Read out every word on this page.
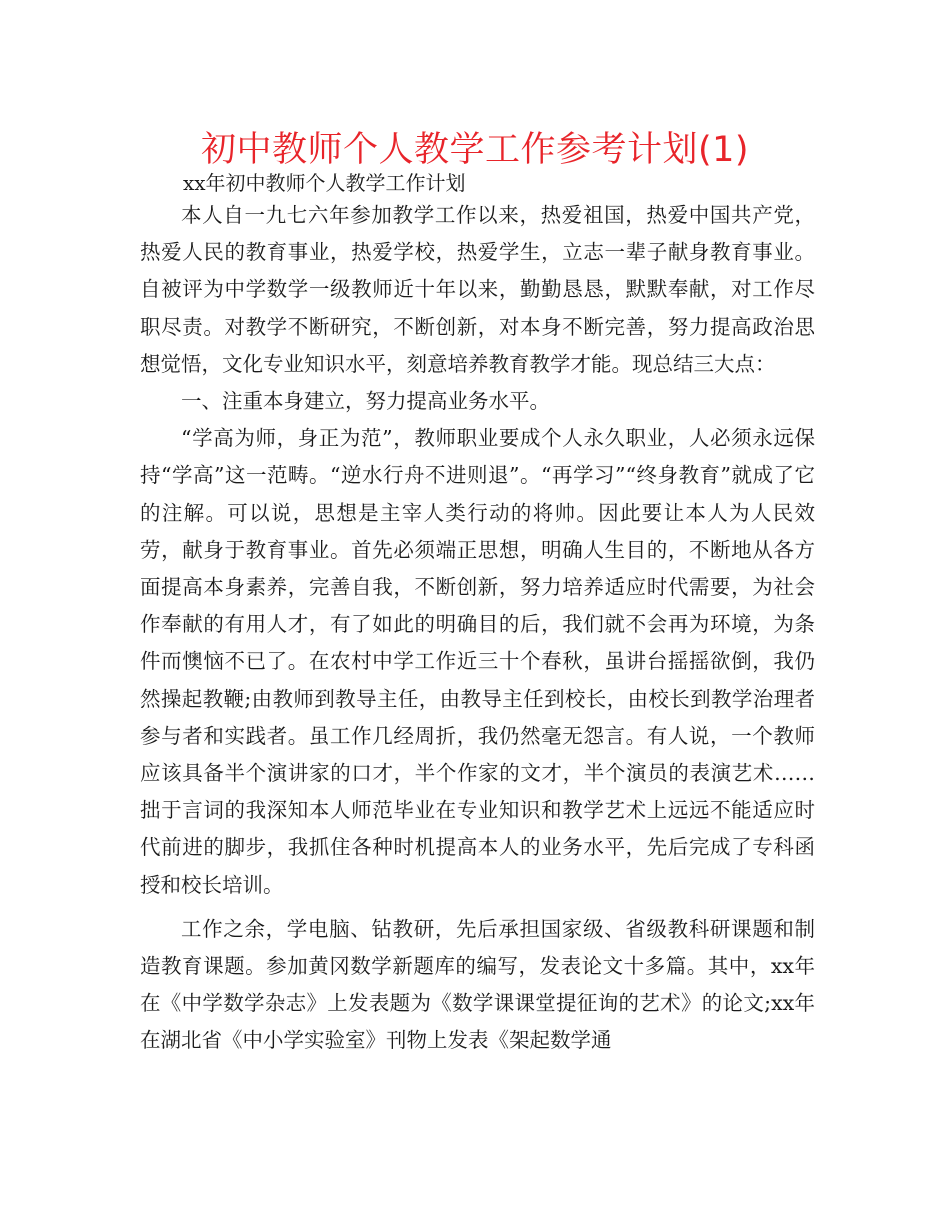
初中教师个人教学工作参考计划(1)
xx年初中教师个人教学工作计划

本人自一九七六年参加教学工作以来，热爱祖国，热爱中国共产党，热爱人民的教育事业，热爱学校，热爱学生，立志一辈子献身教育事业。自被评为中学数学一级教师近十年以来，勤勤恳恳，默默奉献，对工作尽职尽责。对教学不断研究，不断创新，对本身不断完善，努力提高政治思想觉悟，文化专业知识水平，刻意培养教育教学才能。现总结三大点：

一、注重本身建立，努力提高业务水平。

“学高为师，身正为范”，教师职业要成个人永久职业，人必须永远保持“学高”这一范畴。“逆水行舟不进则退”。“再学习”“终身教育”就成了它的注解。可以说，思想是主宰人类行动的将帅。因此要让本人为人民效劳，献身于教育事业。首先必须端正思想，明确人生目的，不断地从各方面提高本身素养，完善自我，不断创新，努力培养适应时代需要，为社会作奉献的有用人才，有了如此的明确目的后，我们就不会再为环境，为条件而懊恼不已了。在农村中学工作近三十个春秋，虽讲台摇摇欲倒，我仍然操起教鞭;由教师到教导主任，由教导主任到校长，由校长到教学治理者参与者和实践者。虽工作几经周折，我仍然毫无怨言。有人说，一个教师应该具备半个演讲家的口才，半个作家的文才，半个演员的表演艺术……拙于言词的我深知本人师范毕业在专业知识和教学艺术上远远不能适应时代前进的脚步，我抓住各种时机提高本人的业务水平，先后完成了专科函授和校长培训。

工作之余，学电脑、钻教研，先后承担国家级、省级教科研课题和制造教育课题。参加黄冈数学新题库的编写，发表论文十多篇。其中，xx年在《中学数学杂志》上发表题为《数学课课堂提征询的艺术》的论文;xx年在湖北省《中小学实验室》刊物上发表《架起数学通
